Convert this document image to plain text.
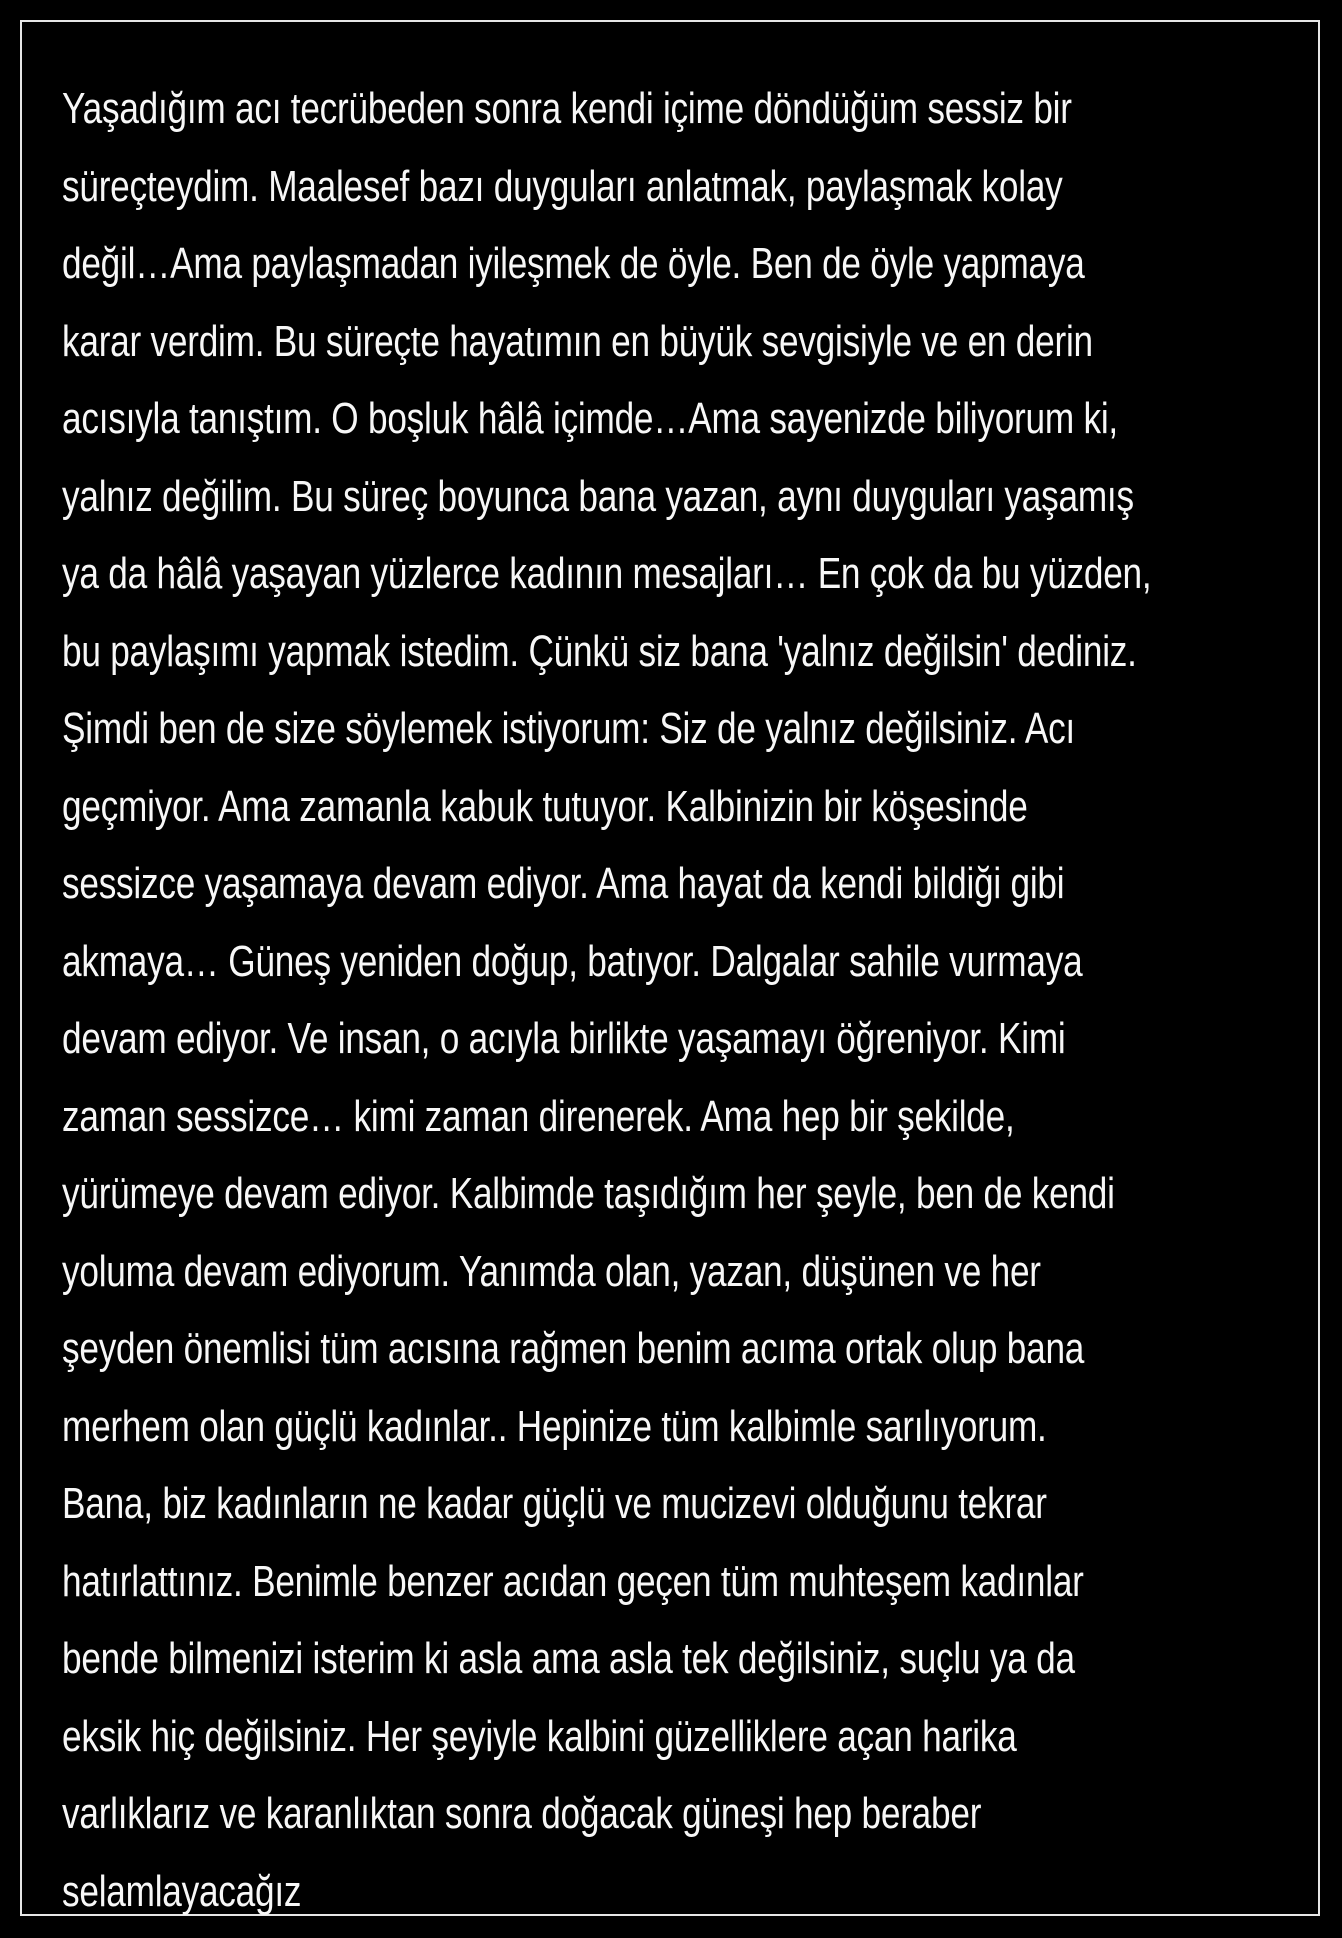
Yaşadığım acı tecrübeden sonra kendi içime döndüğüm sessiz bir
süreçteydim. Maalesef bazı duyguları anlatmak, paylaşmak kolay
değil…Ama paylaşmadan iyileşmek de öyle. Ben de öyle yapmaya
karar verdim. Bu süreçte hayatımın en büyük sevgisiyle ve en derin
acısıyla tanıştım. O boşluk hâlâ içimde…Ama sayenizde biliyorum ki,
yalnız değilim. Bu süreç boyunca bana yazan, aynı duyguları yaşamış
ya da hâlâ yaşayan yüzlerce kadının mesajları… En çok da bu yüzden,
bu paylaşımı yapmak istedim. Çünkü siz bana 'yalnız değilsin' dediniz.
Şimdi ben de size söylemek istiyorum: Siz de yalnız değilsiniz. Acı
geçmiyor. Ama zamanla kabuk tutuyor. Kalbinizin bir köşesinde
sessizce yaşamaya devam ediyor. Ama hayat da kendi bildiği gibi
akmaya… Güneş yeniden doğup, batıyor. Dalgalar sahile vurmaya
devam ediyor. Ve insan, o acıyla birlikte yaşamayı öğreniyor. Kimi
zaman sessizce… kimi zaman direnerek. Ama hep bir şekilde,
yürümeye devam ediyor. Kalbimde taşıdığım her şeyle, ben de kendi
yoluma devam ediyorum. Yanımda olan, yazan, düşünen ve her
şeyden önemlisi tüm acısına rağmen benim acıma ortak olup bana
merhem olan güçlü kadınlar.. Hepinize tüm kalbimle sarılıyorum.
Bana, biz kadınların ne kadar güçlü ve mucizevi olduğunu tekrar
hatırlattınız. Benimle benzer acıdan geçen tüm muhteşem kadınlar
bende bilmenizi isterim ki asla ama asla tek değilsiniz, suçlu ya da
eksik hiç değilsiniz. Her şeyiyle kalbini güzelliklere açan harika
varlıklarız ve karanlıktan sonra doğacak güneşi hep beraber
selamlayacağız
